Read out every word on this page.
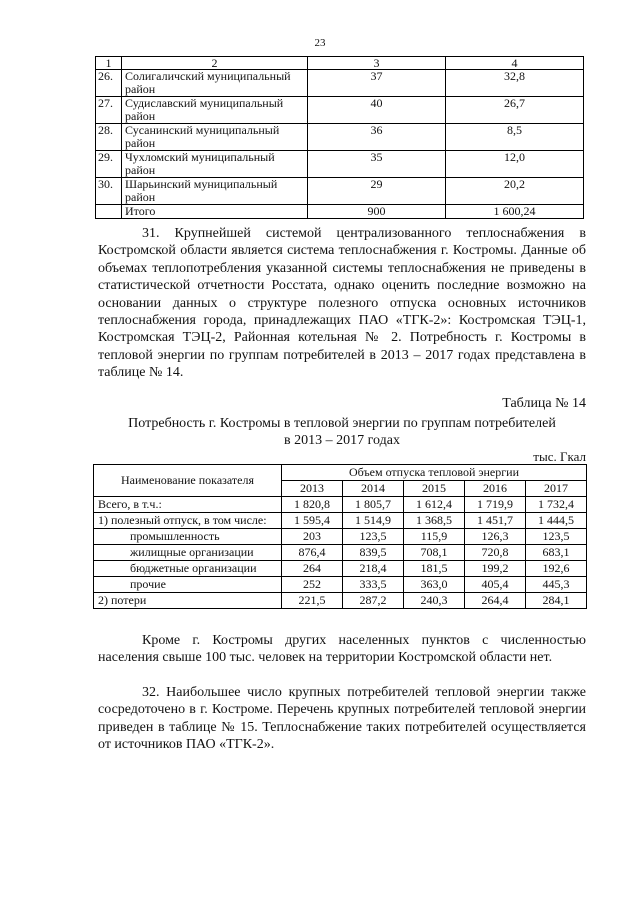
23
1	2	3	4
26.	Солигаличский муниципальный район	37	32,8
27.	Судиславский муниципальный район	40	26,7
28.	Сусанинский муниципальный район	36	8,5
29.	Чухломский муниципальный район	35	12,0
30.	Шарьинский муниципальный район	29	20,2
	Итого	900	1 600,24

31. Крупнейшей системой централизованного теплоснабжения в Костромской области является система теплоснабжения г. Костромы. Данные об объемах теплопотребления указанной системы теплоснабжения не приведены в статистической отчетности Росстата, однако оценить последние возможно на основании данных о структуре полезного отпуска основных источников теплоснабжения города, принадлежащих ПАО «ТГК-2»: Костромская ТЭЦ-1, Костромская ТЭЦ-2, Районная котельная № 2. Потребность г. Костромы в тепловой энергии по группам потребителей в 2013 – 2017 годах представлена в таблице № 14.

Таблица № 14
Потребность г. Костромы в тепловой энергии по группам потребителей
в 2013 – 2017 годах
тыс. Гкал
Наименование показателя	Объем отпуска тепловой энергии				
	2013	2014	2015	2016	2017
Всего, в т.ч.:	1 820,8	1 805,7	1 612,4	1 719,9	1 732,4
1) полезный отпуск, в том числе:	1 595,4	1 514,9	1 368,5	1 451,7	1 444,5
промышленность	203	123,5	115,9	126,3	123,5
жилищные организации	876,4	839,5	708,1	720,8	683,1
бюджетные организации	264	218,4	181,5	199,2	192,6
прочие	252	333,5	363,0	405,4	445,3
2) потери	221,5	287,2	240,3	264,4	284,1

Кроме г. Костромы других населенных пунктов с численностью населения свыше 100 тыс. человек на территории Костромской области нет.

32. Наибольшее число крупных потребителей тепловой энергии также сосредоточено в г. Костроме. Перечень крупных потребителей тепловой энергии приведен в таблице № 15. Теплоснабжение таких потребителей осуществляется от источников ПАО «ТГК-2».
